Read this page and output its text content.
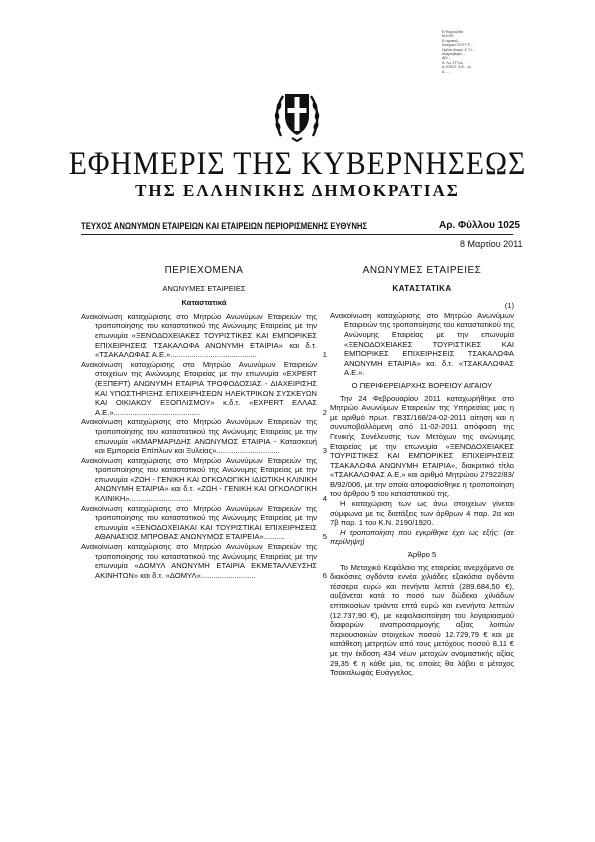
Ε.Φορεύς/Με
Μ.Ι/Υ/Ε
Ε.Ιτροπολ. ..
Στοιχείο:Γ/ΣΥΓΓ.Ρ...
Ημ/νία Αναρτ..Σ.Τ.Ι...
Αναρτήθηκε/ ...
ΑΕ/...
Α. Λύ..ΣΤΥ.Α...
Α. ΕΠΙΣΤ. Α.Ε....Α..
Α. .. ..
ΕΦΗΜΕΡΙΣ ΤΗΣ ΚΥΒΕΡΝΗΣΕΩΣ
ΤΗΣ ΕΛΛΗΝΙΚΗΣ ΔΗΜΟΚΡΑΤΙΑΣ
ΤΕΥΧΟΣ ΑΝΩΝΥΜΩΝ ΕΤΑΙΡΕΙΩΝ ΚΑΙ ΕΤΑΙΡΕΙΩΝ ΠΕΡΙΟΡΙΣΜΕΝΗΣ ΕΥΘΥΝΗΣ	Αρ. Φύλλου 1025
8 Μαρτίου 2011
ΠΕΡΙΕΧΟΜΕΝΑ
ΑΝΩΝΥΜΕΣ ΕΤΑΙΡΕΙΕΣ
Καταστατικά
Ανακοίνωση καταχώρισης στο Μητρώο Ανωνύμων Εταιρειών της τροποποίησης του καταστατικού της Ανώνυμης Εταιρείας με την επωνυμία «ΞΕΝΟΔΟΧΕΙΑΚΕΣ ΤΟΥΡΙΣΤΙΚΕΣ ΚΑΙ ΕΜΠΟΡΙΚΕΣ ΕΠΙΧΕΙΡΗΣΕΙΣ ΤΣΑΚΑΛΩΦΑ ΑΝΩΝΥΜΗ ΕΤΑΙΡΙΑ» και δ.τ. «ΤΣΑΚΑΛΩΦΑΣ Α.Ε.».........................................	1
Ανακοίνωση καταχώρισης στο Μητρώο Ανωνύμων Εταιρειών στοιχείων της Ανώνυμης Εταιρείας με την επωνυμία «EXPERT (ΕΞΠΕΡΤ) ΑΝΩΝΥΜΗ ΕΤΑΙΡΙΑ ΤΡΟΦΟΔΟΣΙΑΣ - ΔΙΑΧΕΙΡΙΣΗΣ ΚΑΙ ΥΠΟΣΤΗΡΙΞΗΣ ΕΠΙΧΕΙΡΗΣΕΩΝ ΗΛΕΚΤΡΙΚΩΝ ΣΥΣΚΕΥΩΝ ΚΑΙ ΟΙΚΙΑΚΟΥ ΕΞΟΠΛΙΣΜΟΥ» κ.δ.τ. «EXPERT ΕΛΛΑΣ Α.Ε.».........................................	2
Ανακοίνωση καταχώρισης στο Μητρώο Ανωνύμων Εταιρειών της τροποποίησης του καταστατικού της Ανώνυμης Εταιρείας με την επωνυμία «ΚΜΑΡΜΑΡΙΔΗΣ ΑΝΩΝΥΜΟΣ ΕΤΑΙΡΙΑ - Κατασκευή και Εμπορεία Επίπλων και Ξυλείας»..............................	3
Ανακοίνωση καταχώρισης στο Μητρώο Ανωνύμων Εταιρειών της τροποποίησης του καταστατικού της Ανώνυμης Εταιρείας με την επωνυμία «ΖΩΗ - ΓΕΝΙΚΗ ΚΑΙ ΟΓΚΟΛΟΓΙΚΗ ΙΔΙΩΤΙΚΗ ΚΛΙΝΙΚΗ ΑΝΩΝΥΜΗ ΕΤΑΙΡΙΑ» και δ.τ. «ΖΩΗ - ΓΕΝΙΚΗ ΚΑΙ ΟΓΚΟΛΟΓΙΚΗ ΚΛΙΝΙΚΗ»..............................	4
Ανακοίνωση καταχώρισης στο Μητρώο Ανωνύμων Εταιρειών της τροποποίησης του καταστατικού της Ανώνυμης Εταιρείας με την επωνυμία «ΞΕΝΟΔΟΧΕΙΑΚΑΙ ΚΑΙ ΤΟΥΡΙΣΤΙΚΑΙ ΕΠΙΧΕΙΡΗΣΕΙΣ ΑΘΑΝΑΣΙΟΣ ΜΠΡΟΒΑΣ ΑΝΩΝΥΜΟΣ ΕΤΑΙΡΕΙΑ»..........	5
Ανακοίνωση καταχώρισης στο Μητρώο Ανωνύμων Εταιρειών της τροποποίησης του καταστατικού της Ανώνυμης Εταιρείας με την επωνυμία «ΔΟΜΥΛ ΑΝΩΝΥΜΗ ΕΤΑΙΡΙΑ ΕΚΜΕΤΑΛΛΕΥΣΗΣ ΑΚΙΝΗΤΩΝ» και δ.τ. «ΔΟΜΥΛ»..........................	6
ΑΝΩΝΥΜΕΣ ΕΤΑΙΡΕΙΕΣ
ΚΑΤΑΣΤΑΤΙΚΑ
(1)
Ανακοίνωση καταχώρισης στο Μητρώο Ανωνύμων Εταιρειών της τροποποίησης του καταστατικού της Ανώνυμης Εταιρείας με την επωνυμία «ΞΕΝΟΔΟΧΕΙΑΚΕΣ ΤΟΥΡΙΣΤΙΚΕΣ ΚΑΙ ΕΜΠΟΡΙΚΕΣ ΕΠΙΧΕΙΡΗΣΕΙΣ ΤΣΑΚΑΛΩΦΑ ΑΝΩΝΥΜΗ ΕΤΑΙΡΙΑ» κα. δ.τ. «ΤΣΑΚΑΛΩΦΑΣ Α.Ε.».
Ο ΠΕΡΙΦΕΡΕΙΑΡΧΗΣ ΒΟΡΕΙΟΥ ΑΙΓΑΙΟΥ

Την 24 Φεβρουαρίου 2011 καταχωρήθηκε στο Μητρώο Ανωνύμων Εταιρειών της Υπηρεσίας μας η με αριθμό πρωτ. ΓΒ3Σ/168/24-02-2011 αίτηση και η συνυποβαλλόμενη από 11-02-2011 απόφαση της Γενικής Συνέλευσης των Μετόχων της ανώνυμης Εταιρείας με την επωνυμία «ΞΕΝΟΔΟΧΕΙΑΚΕΣ ΤΟΥΡΙΣΤΙΚΕΣ ΚΑΙ ΕΜΠΟΡΙΚΕΣ ΕΠΙΧΕΙΡΗΣΕΙΣ ΤΣΑΚΑΛΩΦΑ ΑΝΩΝΥΜΗ ΕΤΑΙΡΙΑ», διακριτικό τίτλο «ΤΣΑΚΑΛΩΦΑΣ Α.Ε.» και αριθμό Μητρώου 27922/83/Β/92/006, με την οποία αποφασίσθηκε η τροποποίηση του άρθρου 5 του καταστατικού της.

Η καταχώριση των ως άνω στοιχείων γίνεται σύμφωνα με τις διατάξεις των άρθρων 4 παρ. 2α και 7β παρ. 1 του Κ.Ν. 2190/1920.

Η τροποποίηση που εγκρίθηκε έχει ως εξής: (σε περίληψη)

Άρθρο 5

Το Μετοχικό Κεφάλαιο της εταιρείας ανερχόμενο σε διακόσιες ογδόντα εννέα χιλιάδες εξακόσια ογδόντα τέσσερα ευρώ και πενήντα λεπτά (289.684,50 €), αυξάνεται κατά το ποσό των δώδεκα χιλιάδων επτακοσίων τριάντα επτά ευρώ και ενενήντα λεπτών (12.737,90 €), με κεφαλαιοποίηση του λογαριασμού διαφορών αναπροσαρμογής αξίας λοιπών περιουσιακών στοιχείων ποσού 12.729,79 € και με κατάθεση μετρητών από τους μετόχους ποσού 8,11 € με την έκδοση 434 νέων μετοχών ονομαστικής αξίας 29,35 € η κάθε μία, τις οποίες θα λάβει ο μέτοχος Τσακαλωφάς Ευάγγελος.
